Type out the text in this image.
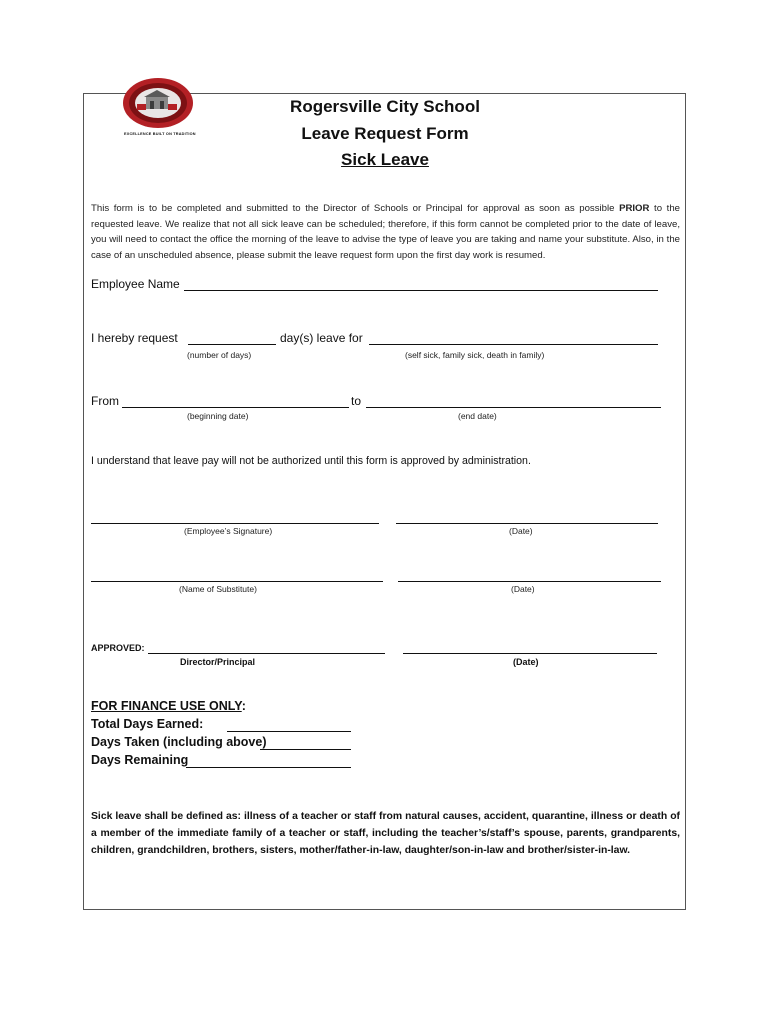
EXCELLENCE BUILT ON TRADITION
Rogersville City School
Leave Request Form
Sick Leave
This form is to be completed and submitted to the Director of Schools or Principal for approval as soon as possible PRIOR to the requested leave. We realize that not all sick leave can be scheduled; therefore, if this form cannot be completed prior to the date of leave, you will need to contact the office the morning of the leave to advise the type of leave you are taking and name your substitute. Also, in the case of an unscheduled absence, please submit the leave request form upon the first day work is resumed.
Employee Name
I hereby request	day(s) leave for
(number of days)	(self sick, family sick, death in family)
From	to
(beginning date)	(end date)
I understand that leave pay will not be authorized until this form is approved by administration.
(Employee’s Signature)	(Date)
(Name of Substitute)	(Date)
APPROVED:
Director/Principal	(Date)
FOR FINANCE USE ONLY:
Total Days Earned:
Days Taken (including above)
Days Remaining
Sick leave shall be defined as: illness of a teacher or staff from natural causes, accident, quarantine, illness or death of a member of the immediate family of a teacher or staff, including the teacher’s/staff’s spouse, parents, grandparents, children, grandchildren, brothers, sisters, mother/father-in-law, daughter/son-in-law and brother/sister-in-law.
